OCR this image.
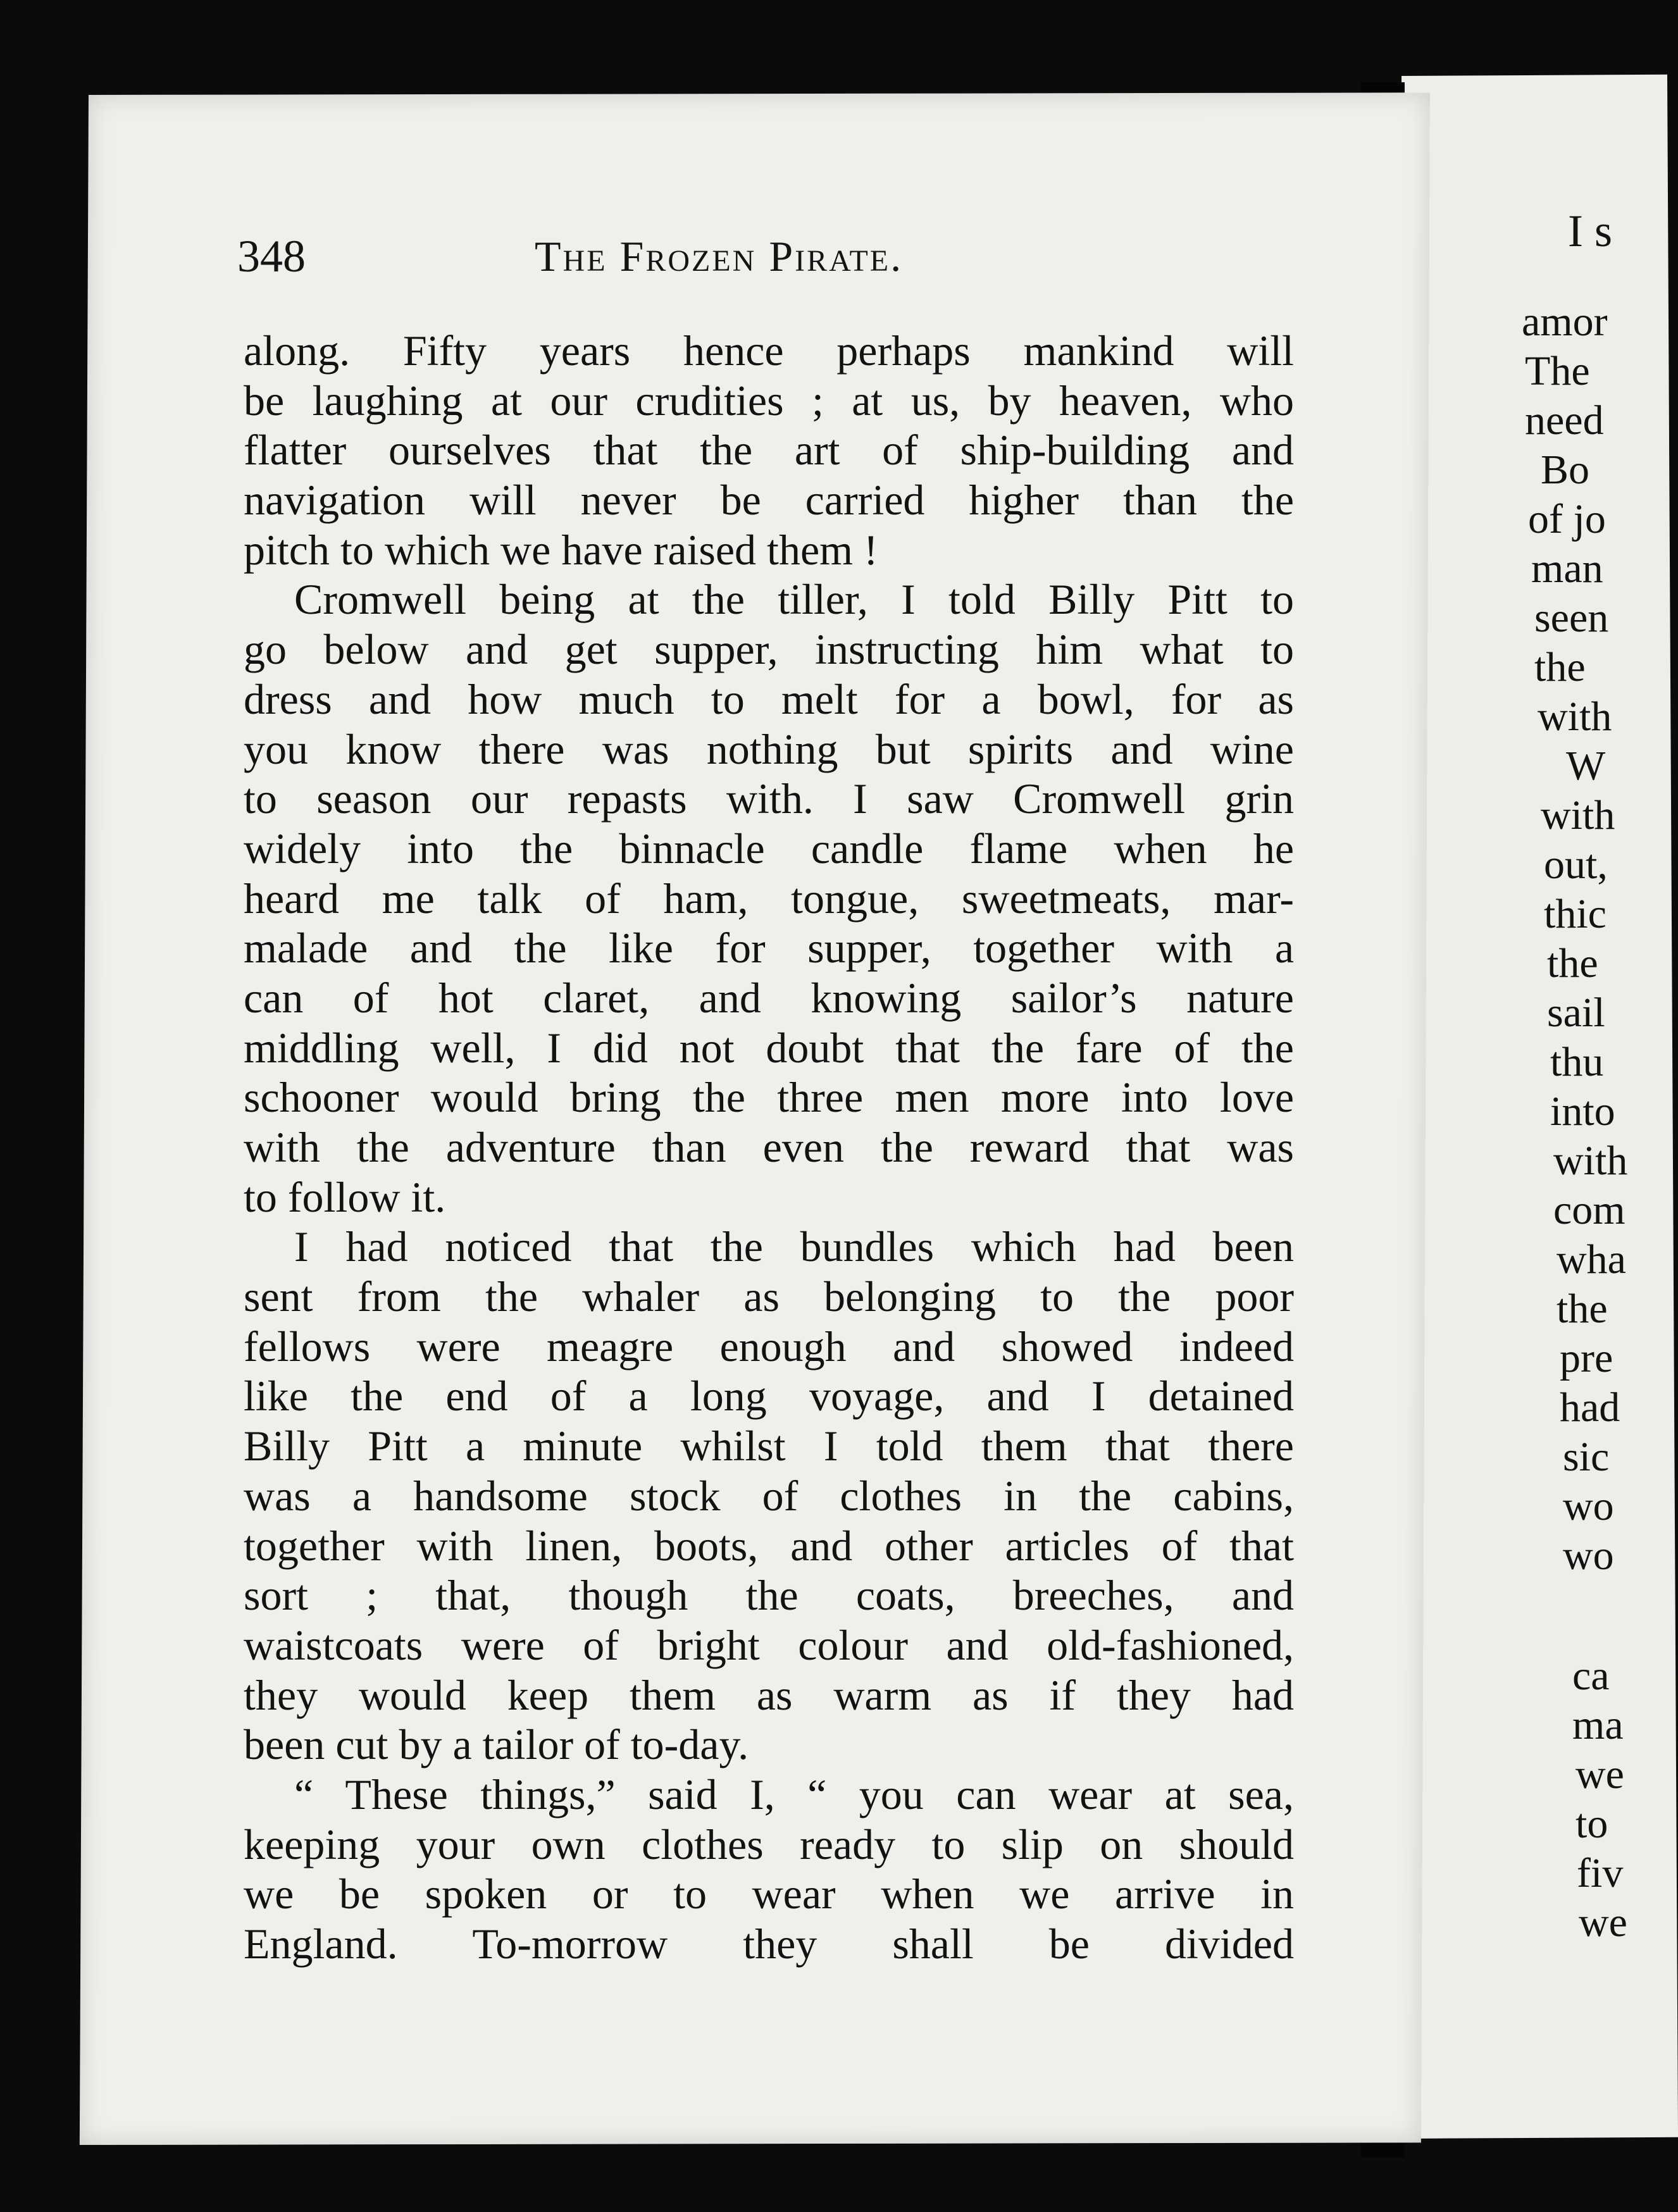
348	The Frozen Pirate.
along. Fifty years hence perhaps mankind will
be laughing at our crudities ; at us, by heaven, who
flatter ourselves that the art of ship-building and
navigation will never be carried higher than the
pitch to which we have raised them !
Cromwell being at the tiller, I told Billy Pitt to
go below and get supper, instructing him what to
dress and how much to melt for a bowl, for as
you know there was nothing but spirits and wine
to season our repasts with. I saw Cromwell grin
widely into the binnacle candle flame when he
heard me talk of ham, tongue, sweetmeats, mar-
malade and the like for supper, together with a
can of hot claret, and knowing sailor’s nature
middling well, I did not doubt that the fare of the
schooner would bring the three men more into love
with the adventure than even the reward that was
to follow it.
I had noticed that the bundles which had been
sent from the whaler as belonging to the poor
fellows were meagre enough and showed indeed
like the end of a long voyage, and I detained
Billy Pitt a minute whilst I told them that there
was a handsome stock of clothes in the cabins,
together with linen, boots, and other articles of that
sort ; that, though the coats, breeches, and
waistcoats were of bright colour and old-fashioned,
they would keep them as warm as if they had
been cut by a tailor of to-day.
“ These things,” said I, “ you can wear at sea,
keeping your own clothes ready to slip on should
we be spoken or to wear when we arrive in
England. To-morrow they shall be divided
I s
amor
The
need
Bo
of jo
man
seen
the
with
W
with
out,
thic
the
sail
thu
into
with
com
wha
the
pre
had
sic
wo
wo
ca
ma
we
to
fiv
we
